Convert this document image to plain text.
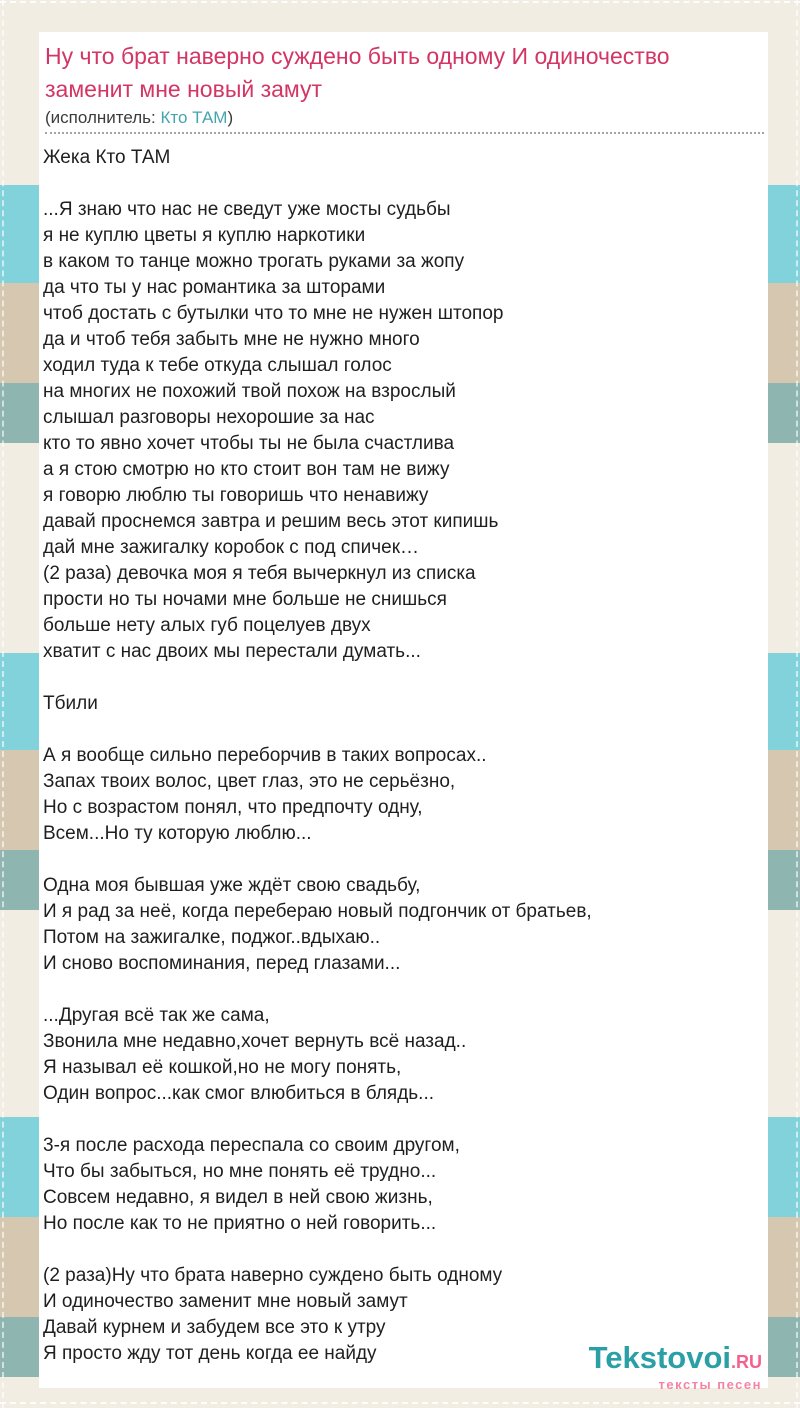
Ну что брат наверно суждено быть одному И одиночество
заменит мне новый замут
(исполнитель: Кто ТАМ)
Жека Кто ТАМ

...Я знаю что нас не сведут уже мосты судьбы
я не куплю цветы я куплю наркотики
в каком то танце можно трогать руками за жопу
да что ты у нас романтика за шторами
чтоб достать с бутылки что то мне не нужен штопор
да и чтоб тебя забыть мне не нужно много
ходил туда к тебе откуда слышал голос
на многих не похожий твой похож на взрослый
слышал разговоры нехорошие за нас
кто то явно хочет чтобы ты не была счастлива
а я стою смотрю но кто стоит вон там не вижу
я говорю люблю ты говоришь что ненавижу
давай проснемся завтра и решим весь этот кипишь
дай мне зажигалку коробок с под спичек…
(2 раза) девочка моя я тебя вычеркнул из списка
прости но ты ночами мне больше не снишься
больше нету алых губ поцелуев двух
хватит с нас двоих мы перестали думать...

Тбили

А я вообще сильно переборчив в таких вопросах..
Запах твоих волос, цвет глаз, это не серьёзно,
Но с возрастом понял, что предпочту одну,
Всем...Но ту которую люблю...

Одна моя бывшая уже ждёт свою свадьбу,
И я рад за неё, когда перебераю новый подгончик от братьев,
Потом на зажигалке, поджог..вдыхаю..
И сново воспоминания, перед глазами...

...Другая всё так же сама,
Звонила мне недавно,хочет вернуть всё назад..
Я называл её кошкой,но не могу понять,
Один вопрос...как смог влюбиться в блядь...

3-я после расхода переспала со своим другом,
Что бы забыться, но мне понять её трудно...
Совсем недавно, я видел в ней свою жизнь,
Но после как то не приятно о ней говорить...

(2 раза)Ну что брата наверно суждено быть одному
И одиночество заменит мне новый замут
Давай курнем и забудем все это к утру
Я просто жду тот день когда ее найду	Tekstovoi.RU
тексты песен
